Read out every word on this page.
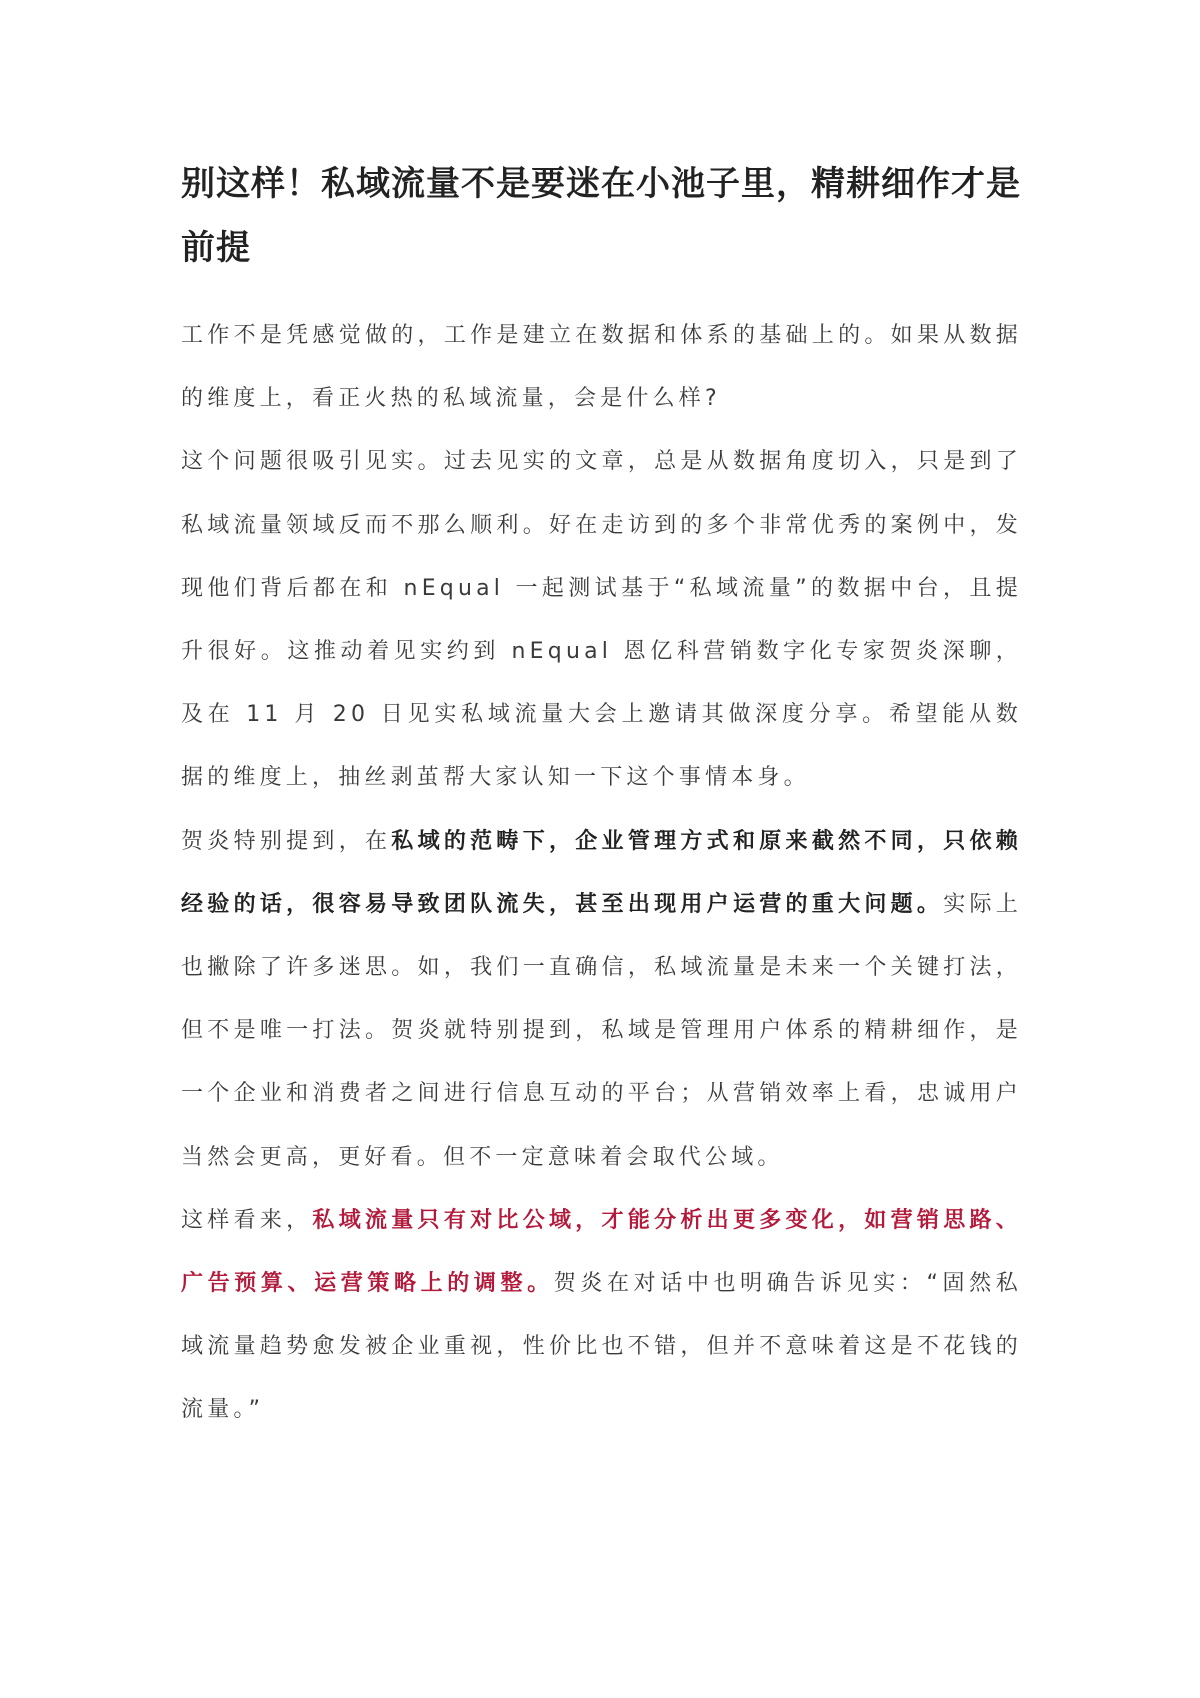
别这样！私域流量不是要迷在小池子里，精耕细作才是前提

工作不是凭感觉做的，工作是建立在数据和体系的基础上的。如果从数据的维度上，看正火热的私域流量，会是什么样?

这个问题很吸引见实。过去见实的文章，总是从数据角度切入，只是到了私域流量领域反而不那么顺利。好在走访到的多个非常优秀的案例中，发现他们背后都在和 nEqual 一起测试基于“私域流量”的数据中台，且提升很好。这推动着见实约到 nEqual 恩亿科营销数字化专家贺炎深聊，及在 11 月 20 日见实私域流量大会上邀请其做深度分享。希望能从数据的维度上，抽丝剥茧帮大家认知一下这个事情本身。

贺炎特别提到，在私域的范畴下，企业管理方式和原来截然不同，只依赖经验的话，很容易导致团队流失，甚至出现用户运营的重大问题。实际上也撇除了许多迷思。如，我们一直确信，私域流量是未来一个关键打法，但不是唯一打法。贺炎就特别提到，私域是管理用户体系的精耕细作，是一个企业和消费者之间进行信息互动的平台；从营销效率上看，忠诚用户当然会更高，更好看。但不一定意味着会取代公域。

这样看来，私域流量只有对比公域，才能分析出更多变化，如营销思路、广告预算、运营策略上的调整。贺炎在对话中也明确告诉见实：“固然私域流量趋势愈发被企业重视，性价比也不错，但并不意味着这是不花钱的流量。”
